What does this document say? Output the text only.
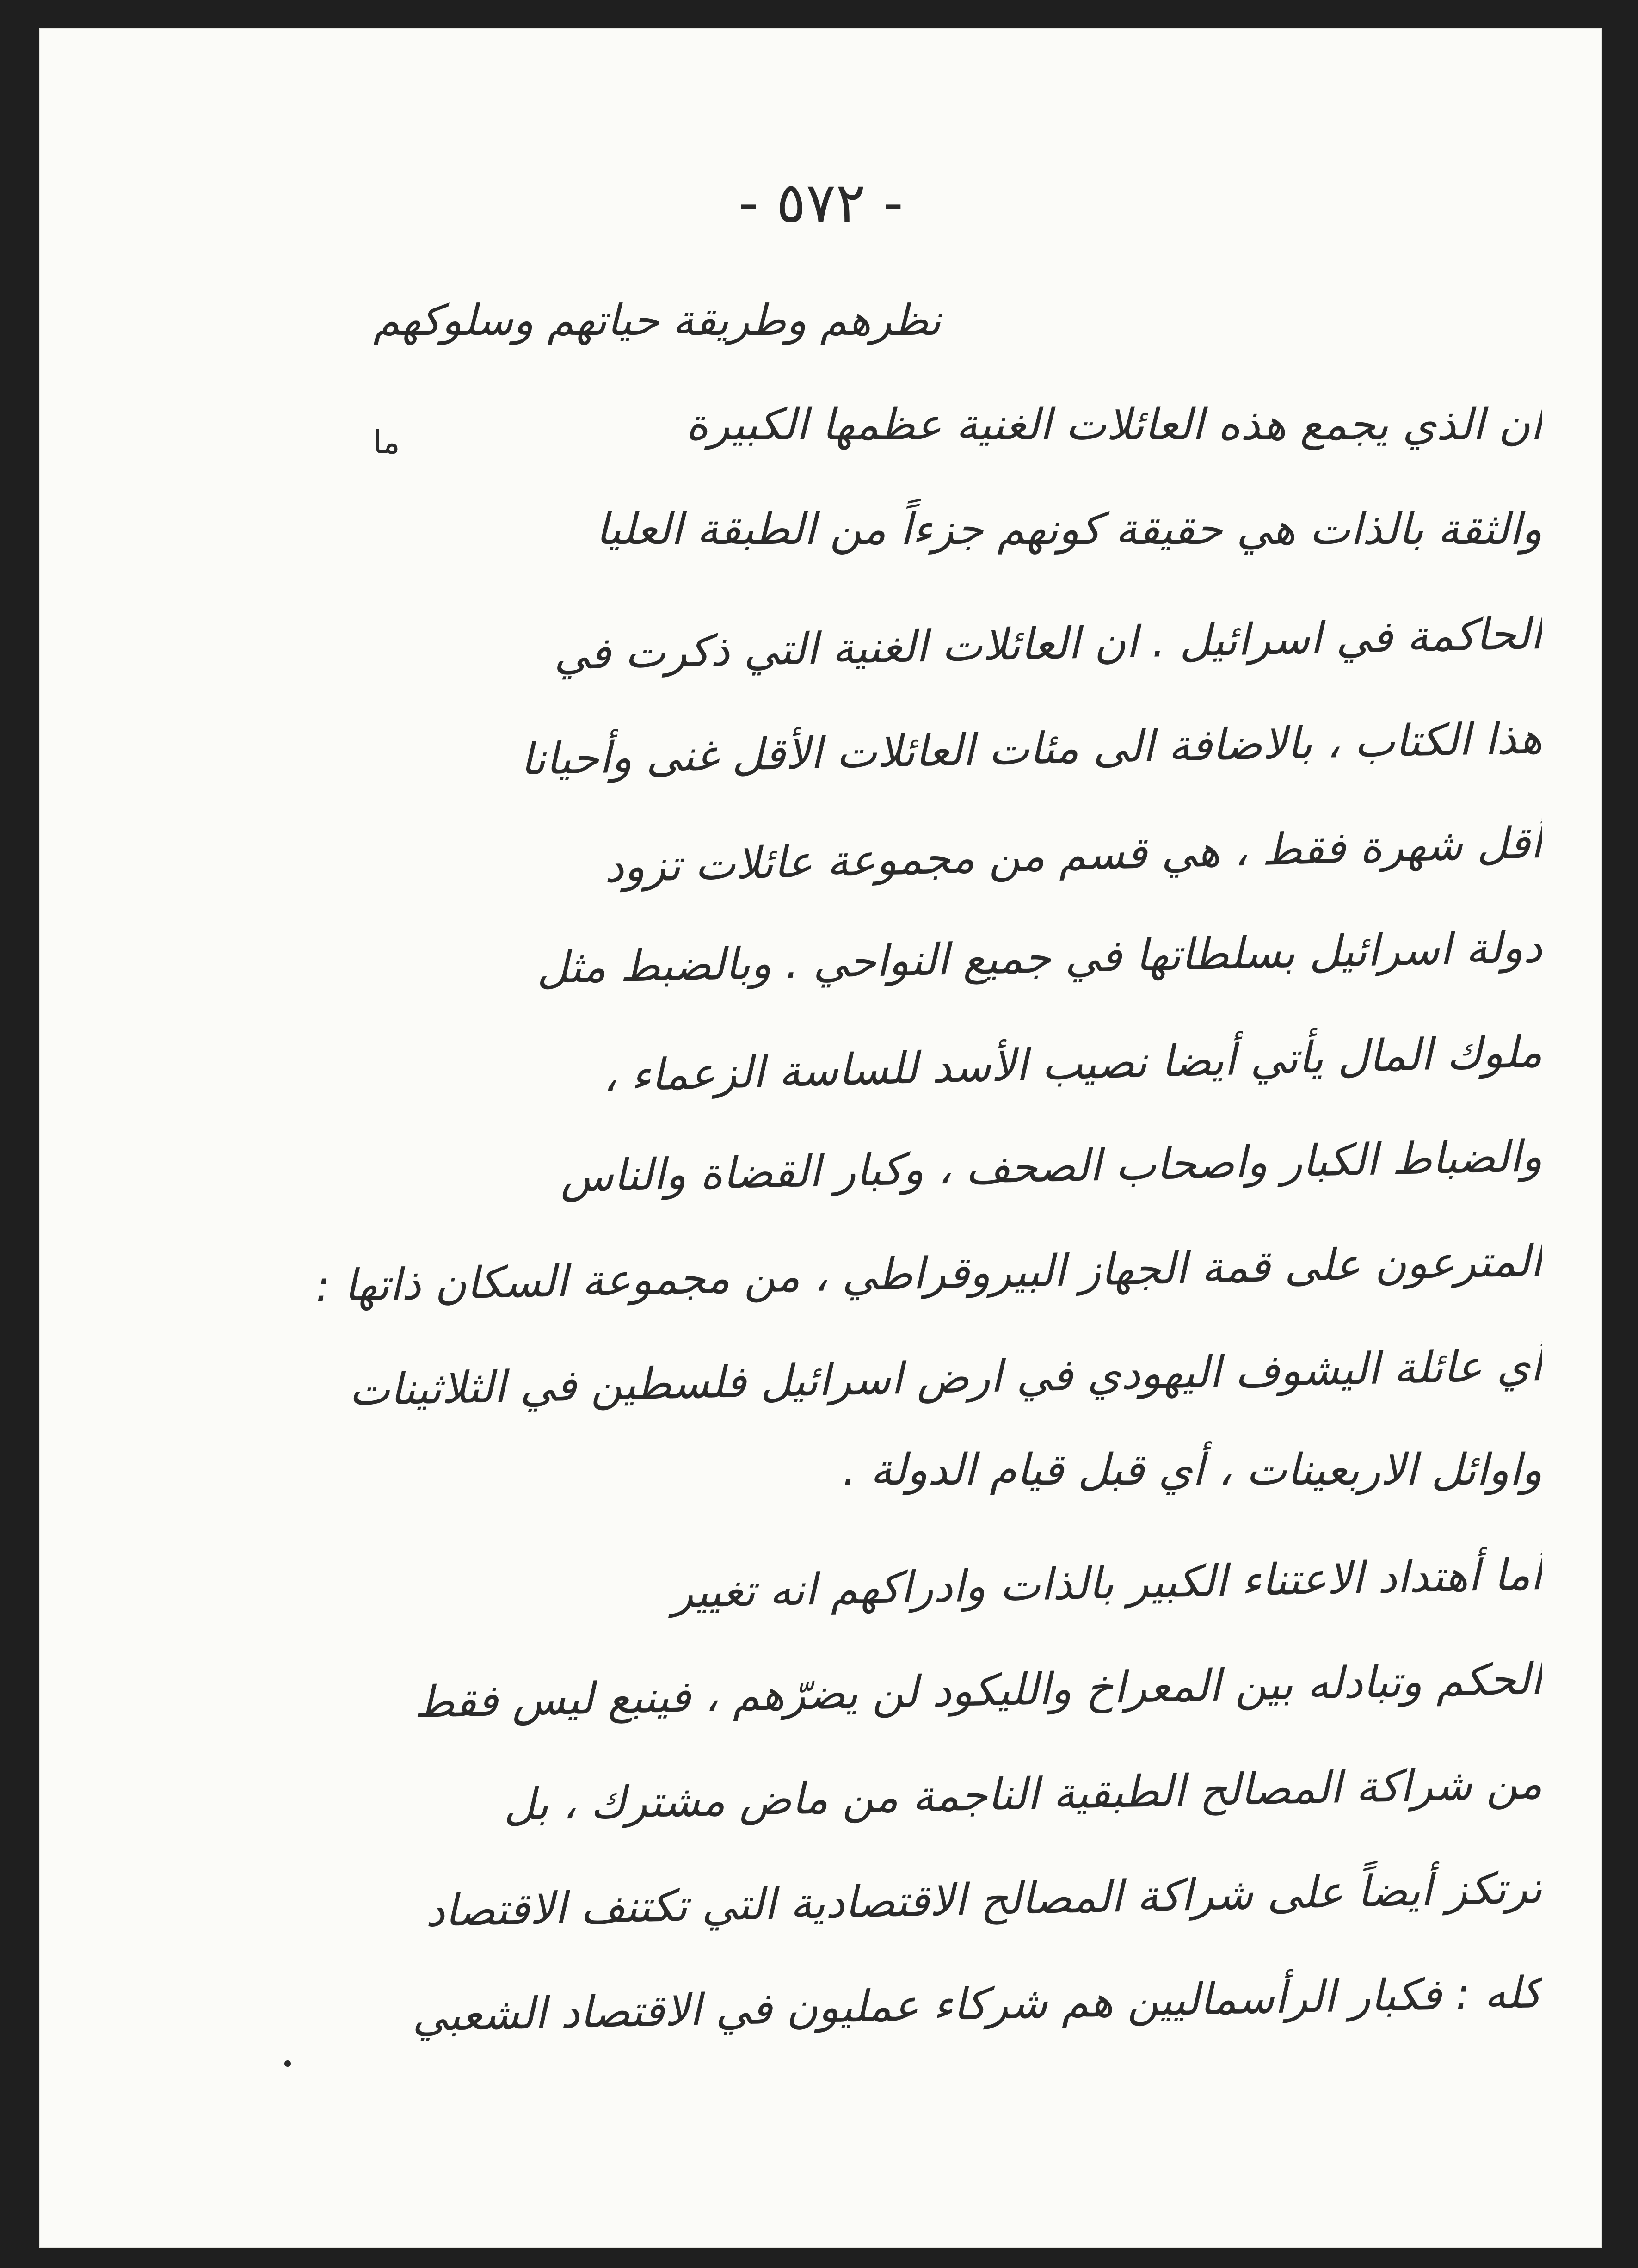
- ٥٧٢ -
ما
نظرهم وطريقة حياتهم وسلوكهم
ان الذي يجمع هذه العائلات الغنية عظمها الكبيرة
والثقة بالذات هي حقيقة كونهم جزءاً من الطبقة العليا
الحاكمة في اسرائيل . ان العائلات الغنية التي ذكرت في
هذا الكتاب ، بالاضافة الى مئات العائلات الأقل غنى وأحيانا
أقل شهرة فقط ، هي قسم من مجموعة عائلات تزود
دولة اسرائيل بسلطاتها في جميع النواحي . وبالضبط مثل
ملوك المال يأتي أيضا نصيب الأسد للساسة الزعماء ،
والضباط الكبار واصحاب الصحف ، وكبار القضاة والناس
المترعون على قمة الجهاز البيروقراطي ، من مجموعة السكان ذاتها :
أي عائلة اليشوف اليهودي في ارض اسرائيل فلسطين في الثلاثينات
واوائل الاربعينات ، أي قبل قيام الدولة .
أما أهتداد الاعتناء الكبير بالذات وادراكهم انه تغيير
الحكم وتبادله بين المعراخ والليكود لن يضرّهم ، فينبع ليس فقط
من شراكة المصالح الطبقية الناجمة من ماض مشترك ، بل
ترتكز أيضاً على شراكة المصالح الاقتصادية التي تكتنف الاقتصاد
كله : فكبار الرأسماليين هم شركاء عمليون في الاقتصاد الشعبي
